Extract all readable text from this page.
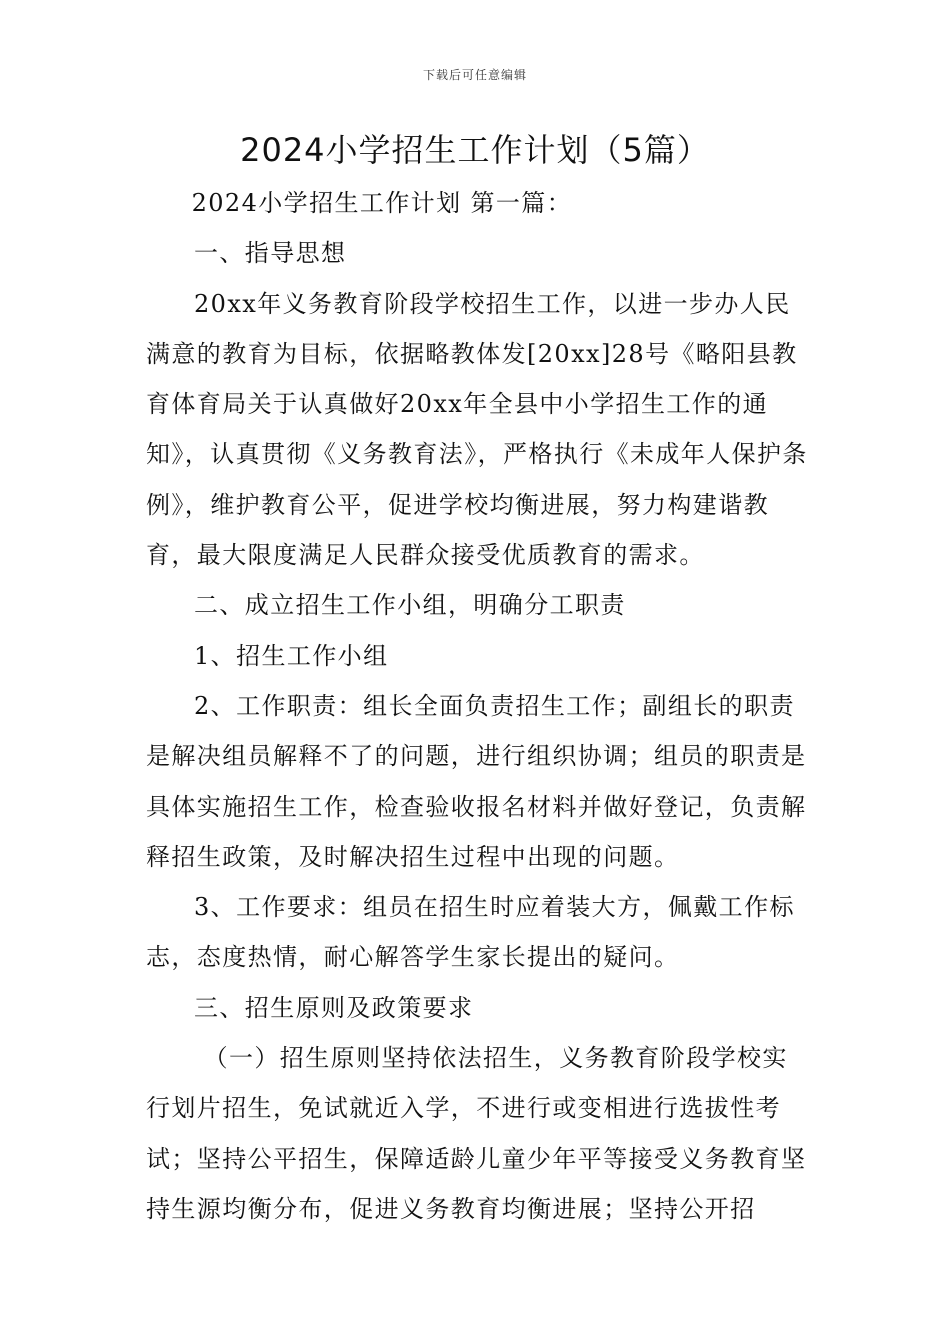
下载后可任意编辑
2024小学招生工作计划（5篇）

2024小学招生工作计划 第一篇：

一、指导思想

20xx年义务教育阶段学校招生工作，以进一步办人民满意的教育为目标，依据略教体发[20xx]28号《略阳县教育体育局关于认真做好20xx年全县中小学招生工作的通知》，认真贯彻《义务教育法》，严格执行《未成年人保护条例》，维护教育公平，促进学校均衡进展，努力构建谐教育，最大限度满足人民群众接受优质教育的需求。

二、成立招生工作小组，明确分工职责

1、招生工作小组

2、工作职责：组长全面负责招生工作；副组长的职责是解决组员解释不了的问题，进行组织协调；组员的职责是具体实施招生工作，检查验收报名材料并做好登记，负责解释招生政策，及时解决招生过程中出现的问题。

3、工作要求：组员在招生时应着装大方，佩戴工作标志，态度热情，耐心解答学生家长提出的疑问。

三、招生原则及政策要求

（一）招生原则坚持依法招生，义务教育阶段学校实行划片招生，免试就近入学，不进行或变相进行选拔性考试；坚持公平招生，保障适龄儿童少年平等接受义务教育坚持生源均衡分布，促进义务教育均衡进展；坚持公开招
